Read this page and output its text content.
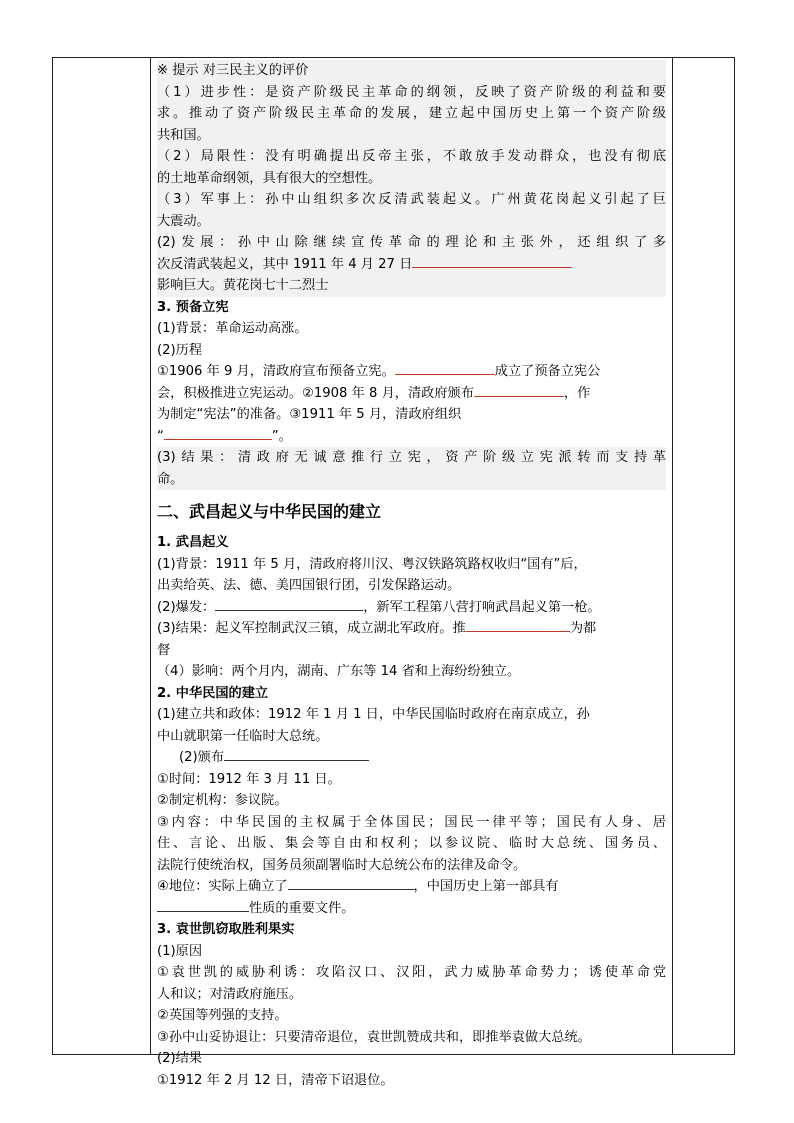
※ 提示 对三民主义的评价
（1）进步性：是资产阶级民主革命的纲领，反映了资产阶级的利益和要
求。推动了资产阶级民主革命的发展，建立起中国历史上第一个资产阶级
共和国。
（2）局限性：没有明确提出反帝主张，不敢放手发动群众，也没有彻底
的土地革命纲领，具有很大的空想性。
（3）军事上：孙中山组织多次反清武装起义。广州黄花岗起义引起了巨
大震动。
(2)发展：孙中山除继续宣传革命的理论和主张外，还组织了多
次反清武装起义，其中 1911 年 4 月 27 日
影响巨大。黄花岗七十二烈士
3. 预备立宪
(1)背景：革命运动高涨。
(2)历程
①1906 年 9 月，清政府宣布预备立宪。	成立了预备立宪公
会，积极推进立宪运动。②1908 年 8 月，清政府颁布	，作
为制定“宪法”的准备。③1911 年 5 月，清政府组织
“	”。
(3)结果：清政府无诚意推行立宪，资产阶级立宪派转而支持革
命。
二、武昌起义与中华民国的建立
1. 武昌起义
(1)背景：1911 年 5 月，清政府将川汉、粤汉铁路筑路权收归“国有”后，
出卖给英、法、德、美四国银行团，引发保路运动。
(2)爆发：	，新军工程第八营打响武昌起义第一枪。
(3)结果：起义军控制武汉三镇，成立湖北军政府。推	为都
督
（4）影响：两个月内，湖南、广东等 14 省和上海纷纷独立。
2. 中华民国的建立
(1)建立共和政体：1912 年 1 月 1 日，中华民国临时政府在南京成立，孙
中山就职第一任临时大总统。
(2)颁布
①时间：1912 年 3 月 11 日。
②制定机构：参议院。
③内容：中华民国的主权属于全体国民；国民一律平等；国民有人身、居
住、言论、出版、集会等自由和权利；以参议院、临时大总统、国务员、
法院行使统治权，国务员须副署临时大总统公布的法律及命令。
④地位：实际上确立了	，中国历史上第一部具有
性质的重要文件。
3. 袁世凯窃取胜利果实
(1)原因
①袁世凯的威胁利诱：攻陷汉口、汉阳，武力威胁革命势力；诱使革命党
人和议；对清政府施压。
②英国等列强的支持。
③孙中山妥协退让：只要清帝退位，袁世凯赞成共和，即推举袁做大总统。
(2)结果
①1912 年 2 月 12 日，清帝下诏退位。
